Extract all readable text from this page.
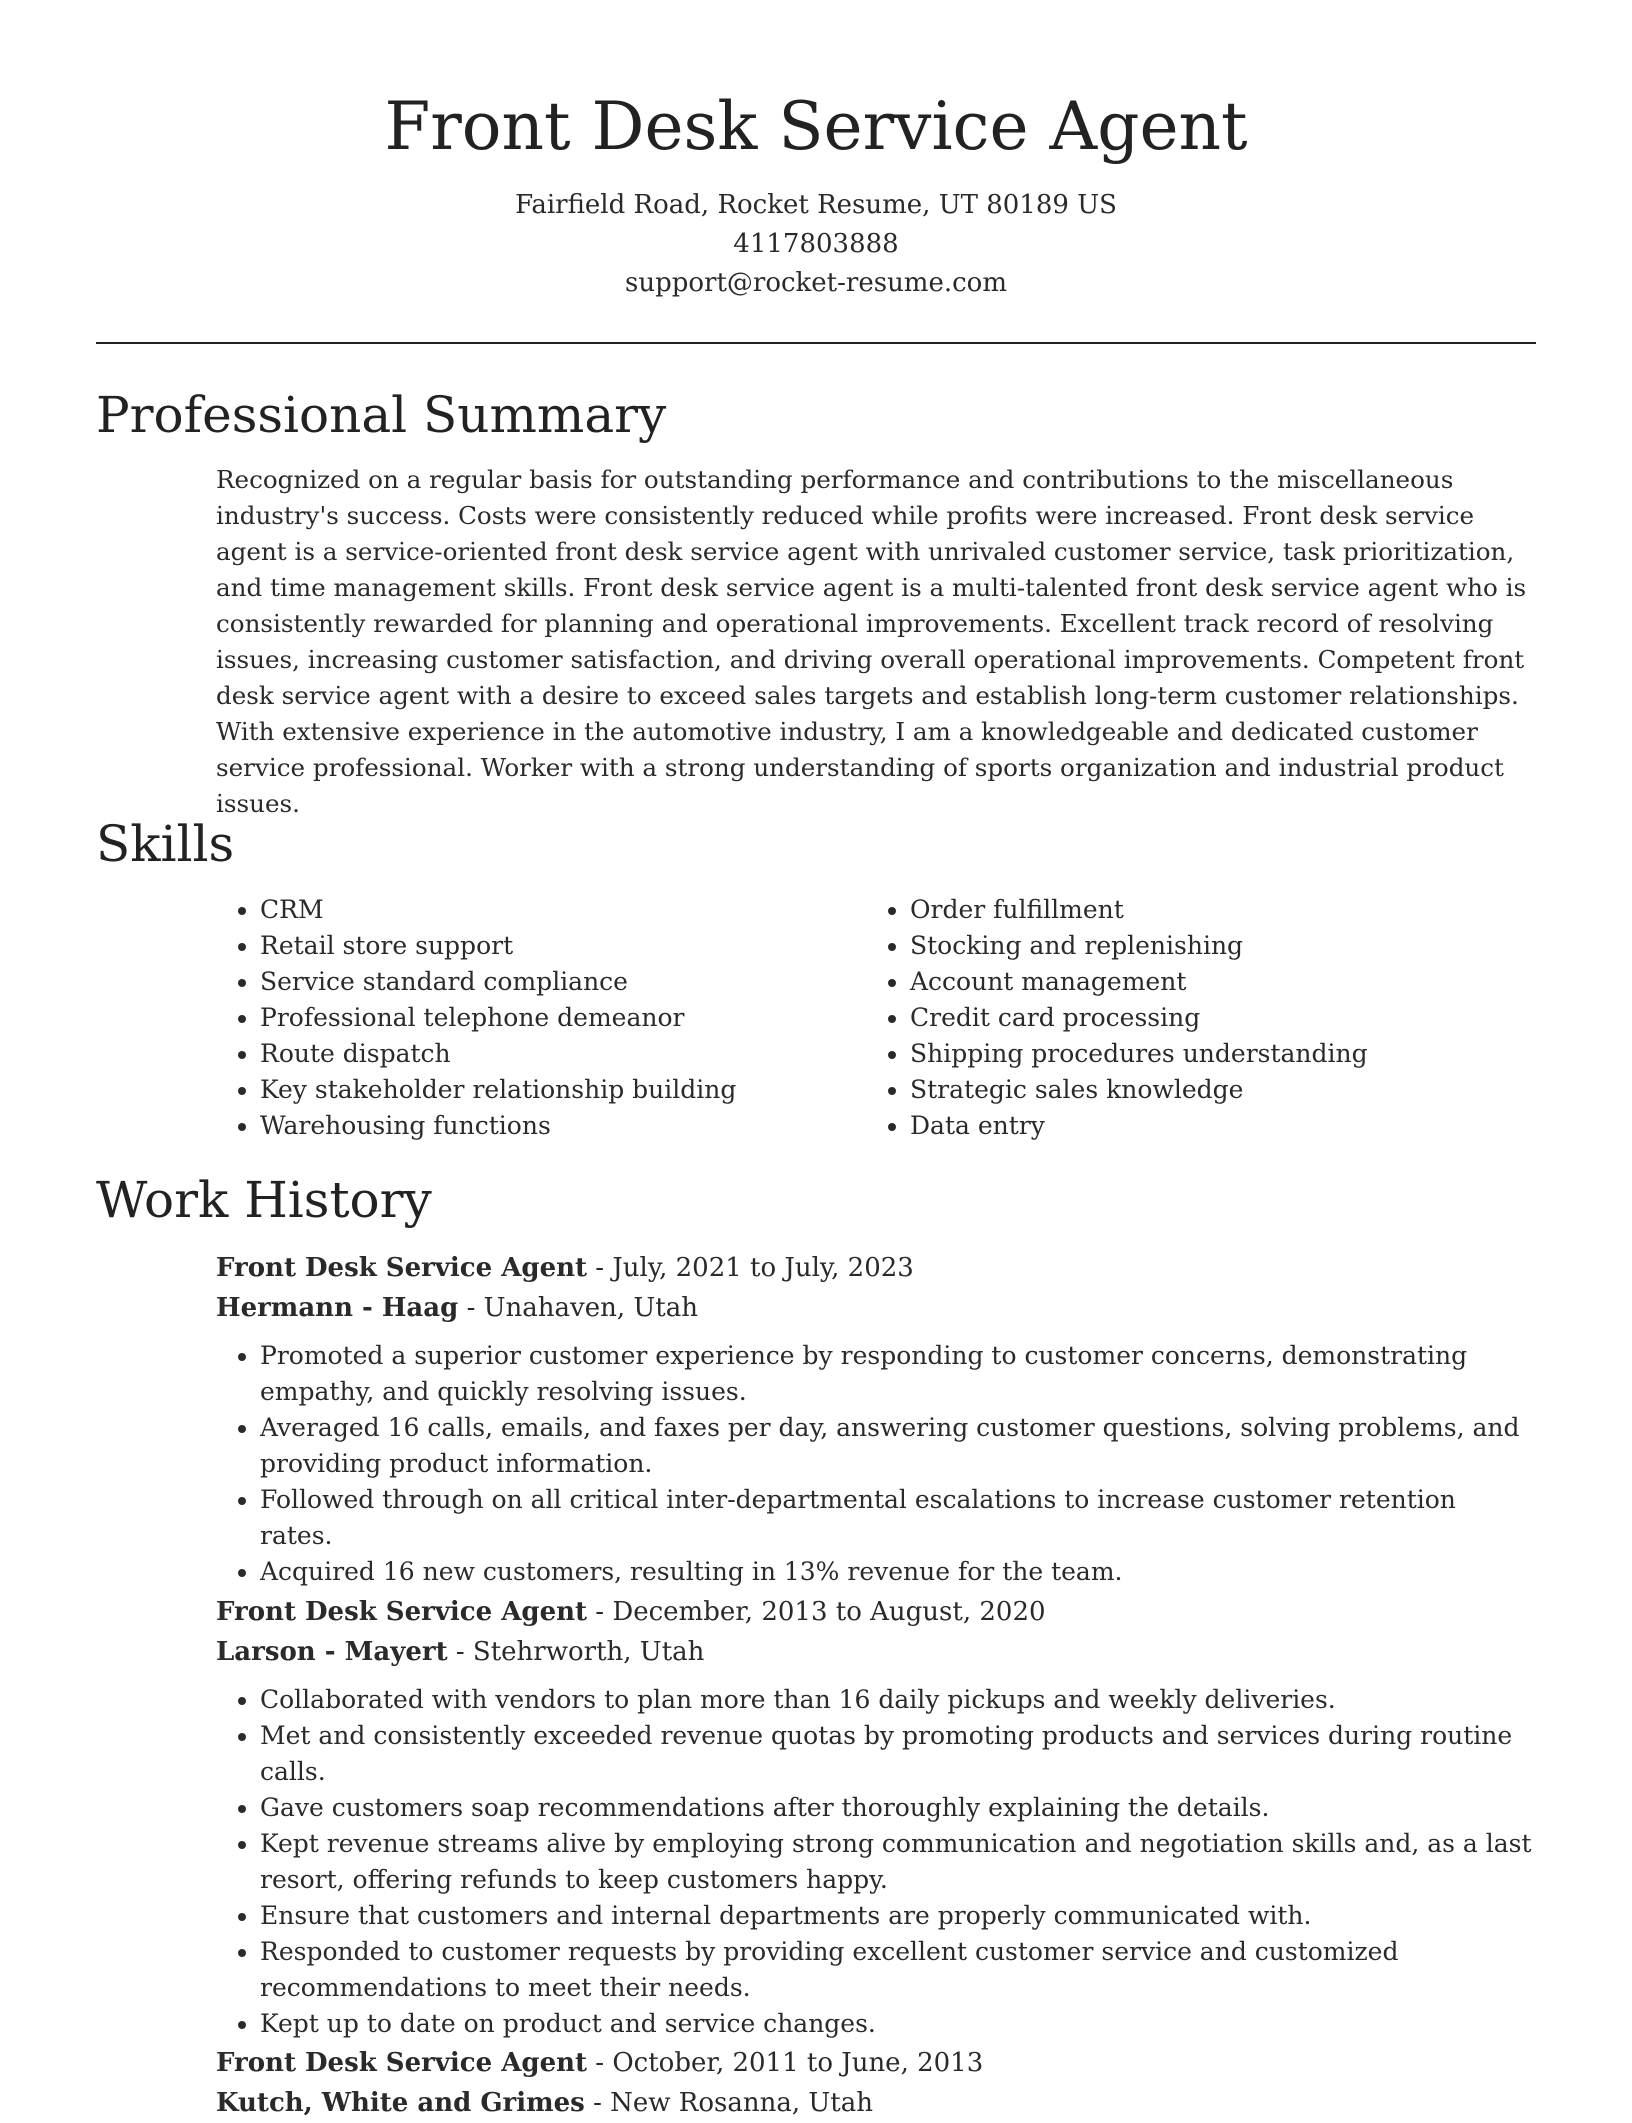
Front Desk Service Agent
Fairfield Road, Rocket Resume, UT 80189 US
4117803888
support@rocket-resume.com
Professional Summary

Recognized on a regular basis for outstanding performance and contributions to the miscellaneous industry's success. Costs were consistently reduced while profits were increased. Front desk service agent is a service-oriented front desk service agent with unrivaled customer service, task prioritization, and time management skills. Front desk service agent is a multi-talented front desk service agent who is consistently rewarded for planning and operational improvements. Excellent track record of resolving issues, increasing customer satisfaction, and driving overall operational improvements. Competent front desk service agent with a desire to exceed sales targets and establish long-term customer relationships. With extensive experience in the automotive industry, I am a knowledgeable and dedicated customer service professional. Worker with a strong understanding of sports organization and industrial product issues.

Skills
• CRM
• Retail store support
• Service standard compliance
• Professional telephone demeanor
• Route dispatch
• Key stakeholder relationship building
• Warehousing functions
• Order fulfillment
• Stocking and replenishing
• Account management
• Credit card processing
• Shipping procedures understanding
• Strategic sales knowledge
• Data entry
Work History
Front Desk Service Agent - July, 2021 to July, 2023
Hermann - Haag - Unahaven, Utah
• Promoted a superior customer experience by responding to customer concerns, demonstrating empathy, and quickly resolving issues.
• Averaged 16 calls, emails, and faxes per day, answering customer questions, solving problems, and providing product information.
• Followed through on all critical inter-departmental escalations to increase customer retention rates.
• Acquired 16 new customers, resulting in 13% revenue for the team.
Front Desk Service Agent - December, 2013 to August, 2020
Larson - Mayert - Stehrworth, Utah
• Collaborated with vendors to plan more than 16 daily pickups and weekly deliveries.
• Met and consistently exceeded revenue quotas by promoting products and services during routine calls.
• Gave customers soap recommendations after thoroughly explaining the details.
• Kept revenue streams alive by employing strong communication and negotiation skills and, as a last resort, offering refunds to keep customers happy.
• Ensure that customers and internal departments are properly communicated with.
• Responded to customer requests by providing excellent customer service and customized recommendations to meet their needs.
• Kept up to date on product and service changes.
Front Desk Service Agent - October, 2011 to June, 2013
Kutch, White and Grimes - New Rosanna, Utah
